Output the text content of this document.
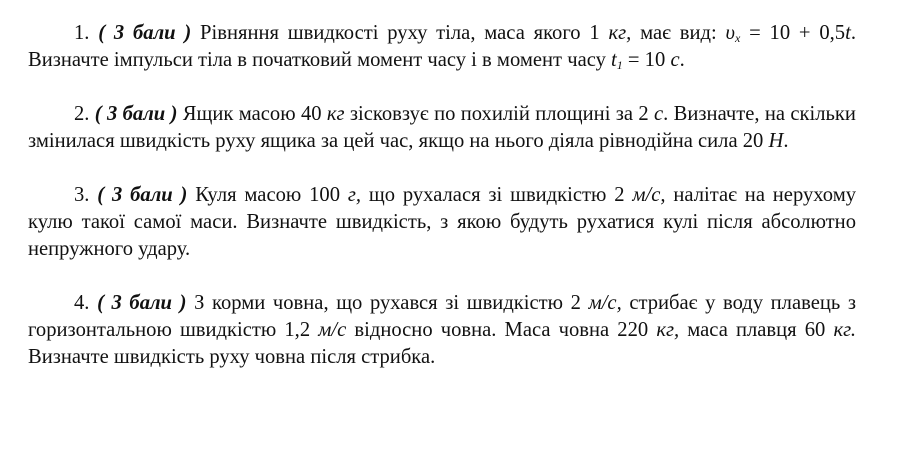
1. ( 3 бали ) Рівняння швидкості руху тіла, маса якого 1 кг, має вид: $\upsilon_x = 10 + 0,5t$. Визначте імпульси тіла в початковий момент часу і в момент часу $t_1 = 10$ с.

2. ( 3 бали ) Ящик масою 40 кг зісковзує по похилій площині за 2 с. Визначте, на скільки змінилася швидкість руху ящика за цей час, якщо на нього діяла рівнодійна сила 20 Н.

3. ( 3 бали ) Куля масою 100 г, що рухалася зі швидкістю 2 м/с, налітає на нерухому кулю такої самої маси. Визначте швидкість, з якою будуть рухатися кулі після абсолютно непружного удару.

4. ( 3 бали ) З корми човна, що рухався зі швидкістю 2 м/с, стрибає у воду плавець з горизонтальною швидкістю 1,2 м/с відносно човна. Маса човна 220 кг, маса плавця 60 кг. Визначте швидкість руху човна після стрибка.
